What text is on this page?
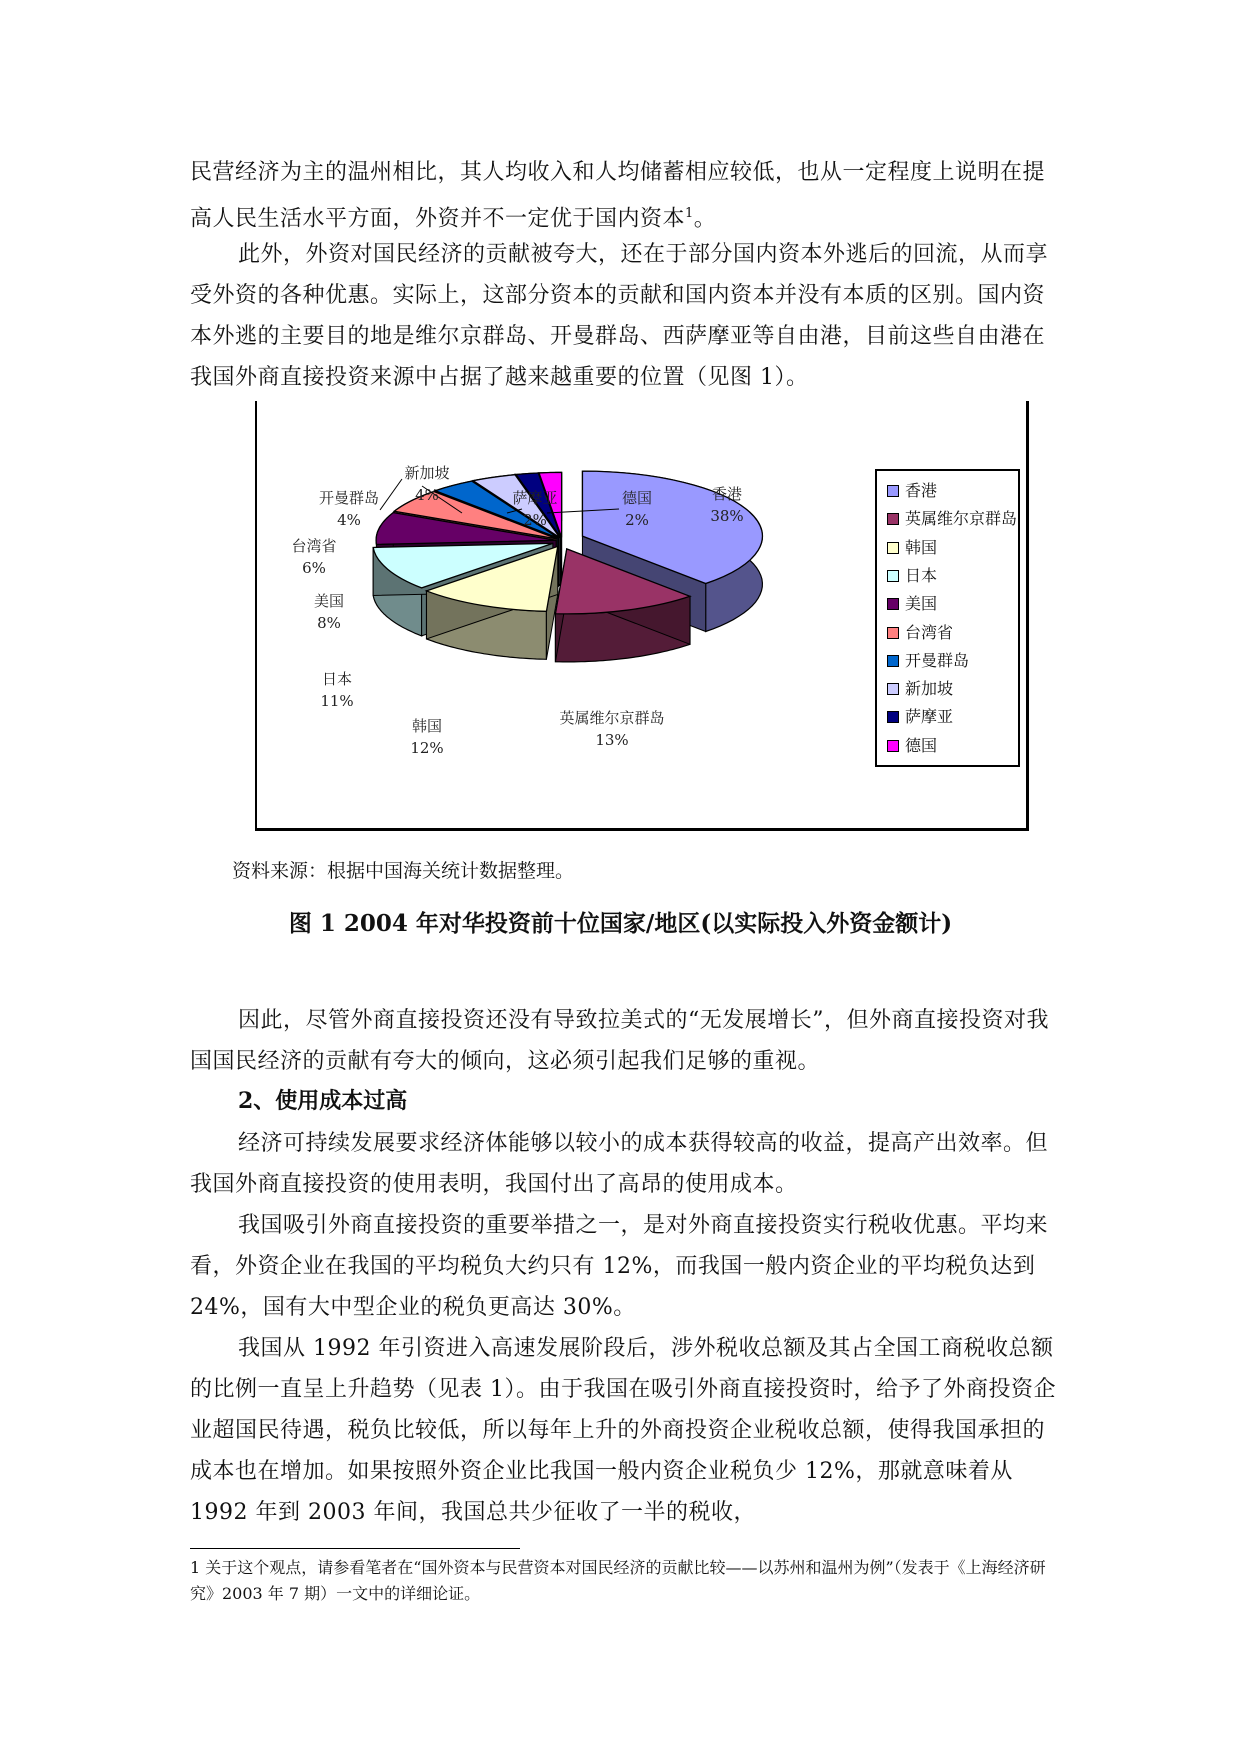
民营经济为主的温州相比，其人均收入和人均储蓄相应较低，也从一定程度上说明在提高人民生活水平方面，外资并不一定优于国内资本$^1$。

此外，外资对国民经济的贡献被夸大，还在于部分国内资本外逃后的回流，从而享受外资的各种优惠。实际上，这部分资本的贡献和国内资本并没有本质的区别。国内资本外逃的主要目的地是维尔京群岛、开曼群岛、西萨摩亚等自由港，目前这些自由港在我国外商直接投资来源中占据了越来越重要的位置（见图 1）。

香港
38%
英属维尔京群岛
13%
韩国
12%
日本
11%
美国
8%
台湾省
6%
开曼群岛
4%
新加坡
4%	萨摩亚
2%
德国
2%
香港
英属维尔京群岛
韩国
日本
美国
台湾省
开曼群岛
新加坡
萨摩亚
德国
资料来源：根据中国海关统计数据整理。
图 1 2004 年对华投资前十位国家/地区(以实际投入外资金额计)

因此，尽管外商直接投资还没有导致拉美式的“无发展增长”，但外商直接投资对我国国民经济的贡献有夸大的倾向，这必须引起我们足够的重视。

2、使用成本过高

经济可持续发展要求经济体能够以较小的成本获得较高的收益，提高产出效率。但我国外商直接投资的使用表明，我国付出了高昂的使用成本。

我国吸引外商直接投资的重要举措之一，是对外商直接投资实行税收优惠。平均来看，外资企业在我国的平均税负大约只有 12%，而我国一般内资企业的平均税负达到 24%，国有大中型企业的税负更高达 30%。

我国从 1992 年引资进入高速发展阶段后，涉外税收总额及其占全国工商税收总额的比例一直呈上升趋势（见表 1）。由于我国在吸引外商直接投资时，给予了外商投资企业超国民待遇，税负比较低，所以每年上升的外商投资企业税收总额，使得我国承担的成本也在增加。如果按照外资企业比我国一般内资企业税负少 12%，那就意味着从 1992 年到 2003 年间，我国总共少征收了一半的税收，

1 关于这个观点，请参看笔者在“国外资本与民营资本对国民经济的贡献比较——以苏州和温州为例”（发表于《上海经济研究》2003 年 7 期）一文中的详细论证。
